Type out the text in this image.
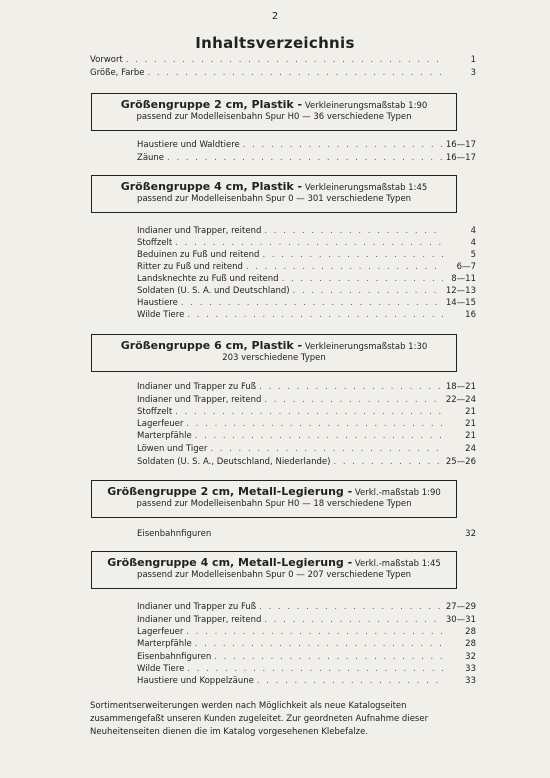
2
Inhaltsverzeichnis
Vorwort . . .	1
Größe, Farbe . . .	3
Größengruppe 2 cm, Plastik - Verkleinerungsmaßstab 1:90
passend zur Modelleisenbahn Spur H0 — 36 verschiedene Typen
Haustiere und Waldtiere . . .	16—17
Zäune . . .	16—17
Größengruppe 4 cm, Plastik - Verkleinerungsmaßstab 1:45
passend zur Modelleisenbahn Spur 0 — 301 verschiedene Typen
Indianer und Trapper, reitend . . .	4
Stoffzelt . . .	4
Beduinen zu Fuß und reitend . . .	5
Ritter zu Fuß und reitend . . .	6—7
Landsknechte zu Fuß und reitend . . .	8—11
Soldaten (U. S. A. und Deutschland) . . .	12—13
Haustiere . . .	14—15
Wilde Tiere . . .	16
Größengruppe 6 cm, Plastik - Verkleinerungsmaßstab 1:30
203 verschiedene Typen
Indianer und Trapper zu Fuß . . .	18—21
Indianer und Trapper, reitend . . .	22—24
Stoffzelt . . .	21
Lagerfeuer . . .	21
Marterpfähle . . .	21
Löwen und Tiger . . .	24
Soldaten (U. S. A., Deutschland, Niederlande) . . .	25—26
Größengruppe 2 cm, Metall-Legierung - Verkl.-maßstab 1:90
passend zur Modelleisenbahn Spur H0 — 18 verschiedene Typen
Eisenbahnfiguren	32
Größengruppe 4 cm, Metall-Legierung - Verkl.-maßstab 1:45
passend zur Modelleisenbahn Spur 0 — 207 verschiedene Typen
Indianer und Trapper zu Fuß . . .	27—29
Indianer und Trapper, reitend . . .	30—31
Lagerfeuer . . .	28
Marterpfähle . . .	28
Eisenbahnfiguren . . .	32
Wilde Tiere . . .	33
Haustiere und Koppelzäune . . .	33
Sortimentserweiterungen werden nach Möglichkeit als neue Katalogseiten zusammengefaßt unseren Kunden zugeleitet. Zur geordneten Aufnahme dieser Neuheitenseiten dienen die im Katalog vorgesehenen Klebefalze.
